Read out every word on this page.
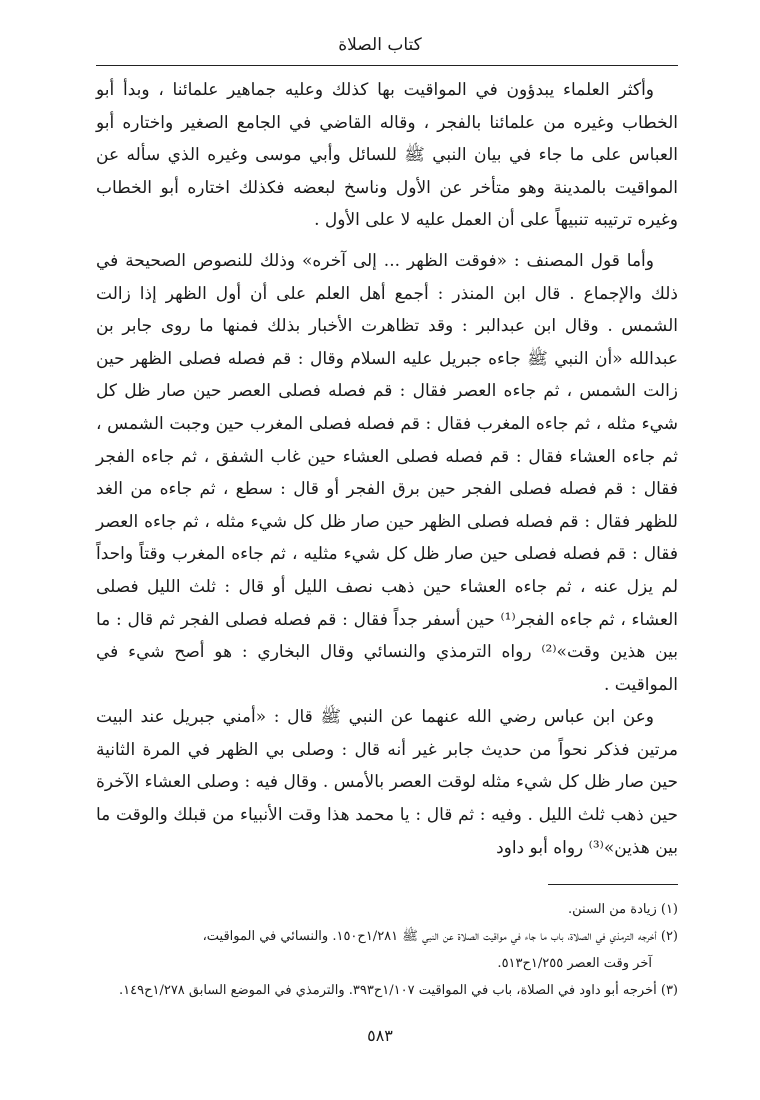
كتاب الصلاة

وأكثر العلماء يبدؤون في المواقيت بها كذلك وعليه جماهير علمائنا ، وبدأ أبو الخطاب وغيره من علمائنا بالفجر ، وقاله القاضي في الجامع الصغير واختاره أبو العباس على ما جاء في بيان النبي ﷺ للسائل وأبي موسى وغيره الذي سأله عن المواقيت بالمدينة وهو متأخر عن الأول وناسخ لبعضه فكذلك اختاره أبو الخطاب وغيره ترتيبه تنبيهاً على أن العمل عليه لا على الأول .

وأما قول المصنف : «فوقت الظهر ... إلى آخره» وذلك للنصوص الصحيحة في ذلك والإجماع . قال ابن المنذر : أجمع أهل العلم على أن أول الظهر إذا زالت الشمس . وقال ابن عبدالبر : وقد تظاهرت الأخبار بذلك فمنها ما روى جابر بن عبدالله «أن النبي ﷺ جاءه جبريل عليه السلام وقال : قم فصله فصلى الظهر حين زالت الشمس ، ثم جاءه العصر فقال : قم فصله فصلى العصر حين صار ظل كل شيء مثله ، ثم جاءه المغرب فقال : قم فصله فصلى المغرب حين وجبت الشمس ، ثم جاءه العشاء فقال : قم فصله فصلى العشاء حين غاب الشفق ، ثم جاءه الفجر فقال : قم فصله فصلى الفجر حين برق الفجر أو قال : سطع ، ثم جاءه من الغد للظهر فقال : قم فصله فصلى الظهر حين صار ظل كل شيء مثله ، ثم جاءه العصر فقال : قم فصله فصلى حين صار ظل كل شيء مثليه ، ثم جاءه المغرب وقتاً واحداً لم يزل عنه ، ثم جاءه العشاء حين ذهب نصف الليل أو قال : ثلث الليل فصلى العشاء ، ثم جاءه الفجر⁽¹⁾ حين أسفر جداً فقال : قم فصله فصلى الفجر ثم قال : ما بين هذين وقت»⁽²⁾ رواه الترمذي والنسائي وقال البخاري : هو أصح شيء في المواقيت .

وعن ابن عباس رضي الله عنهما عن النبي ﷺ قال : «أمني جبريل عند البيت مرتين فذكر نحواً من حديث جابر غير أنه قال : وصلى بي الظهر في المرة الثانية حين صار ظل كل شيء مثله لوقت العصر بالأمس . وقال فيه : وصلى العشاء الآخرة حين ذهب ثلث الليل . وفيه : ثم قال : يا محمد هذا وقت الأنبياء من قبلك والوقت ما بين هذين»⁽³⁾ رواه أبو داود

(١) زيادة من السنن.

(٢) أخرجه الترمذي في الصلاة، باب ما جاء في مواقيت الصلاة عن النبي ﷺ ١/٢٨١ح١٥٠. والنسائي في المواقيت،

آخر وقت العصر ١/٢٥٥ح٥١٣.

(٣) أخرجه أبو داود في الصلاة، باب في المواقيت ١/١٠٧ح٣٩٣. والترمذي في الموضع السابق ١/٢٧٨ح١٤٩.

٥٨٣
